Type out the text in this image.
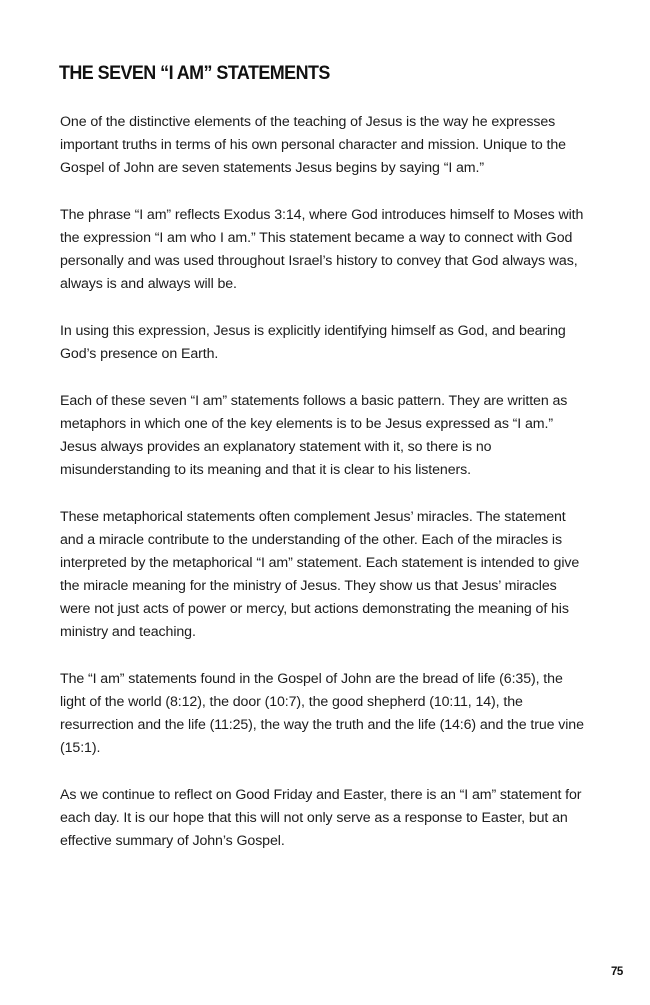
THE SEVEN “I AM” STATEMENTS

One of the distinctive elements of the teaching of Jesus is the way he expresses important truths in terms of his own personal character and mission. Unique to the Gospel of John are seven statements Jesus begins by saying “I am.”

The phrase “I am” reflects Exodus 3:14, where God introduces himself to Moses with the expression “I am who I am.” This statement became a way to connect with God personally and was used throughout Israel’s history to convey that God always was, always is and always will be.

In using this expression, Jesus is explicitly identifying himself as God, and bearing God’s presence on Earth.

Each of these seven “I am” statements follows a basic pattern. They are written as metaphors in which one of the key elements is to be Jesus expressed as “I am.” Jesus always provides an explanatory statement with it, so there is no misunderstanding to its meaning and that it is clear to his listeners.

These metaphorical statements often complement Jesus’ miracles. The statement and a miracle contribute to the understanding of the other. Each of the miracles is interpreted by the metaphorical “I am” statement. Each statement is intended to give the miracle meaning for the ministry of Jesus. They show us that Jesus’ miracles were not just acts of power or mercy, but actions demonstrating the meaning of his ministry and teaching.

The “I am” statements found in the Gospel of John are the bread of life (6:35), the light of the world (8:12), the door (10:7), the good shepherd (10:11, 14), the resurrection and the life (11:25), the way the truth and the life (14:6) and the true vine (15:1).

As we continue to reflect on Good Friday and Easter, there is an “I am” statement for each day. It is our hope that this will not only serve as a response to Easter, but an effective summary of John’s Gospel.

75
